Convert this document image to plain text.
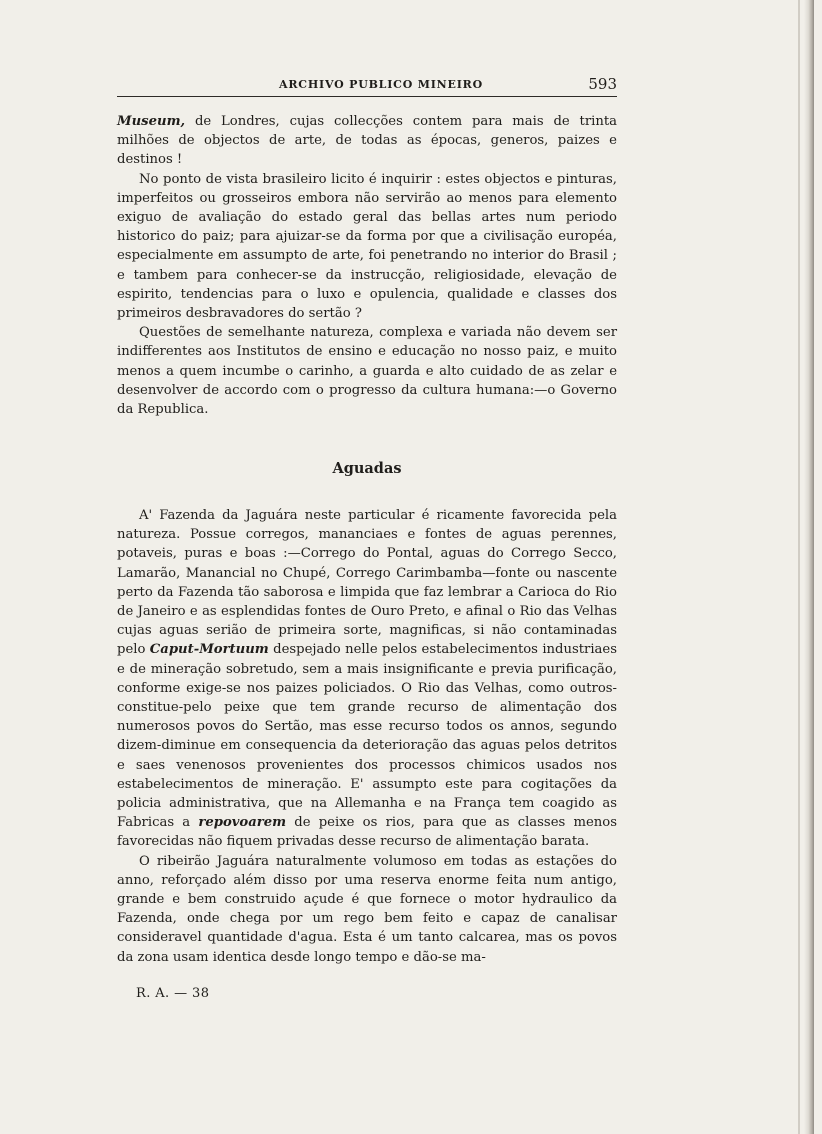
ARCHIVO PUBLICO MINEIRO	593

Museum, de Londres, cujas collecções contem para mais de trinta milhões de objectos de arte, de todas as épocas, generos, paizes e destinos !

No ponto de vista brasileiro licito é inquirir : estes objectos e pinturas, imperfeitos ou grosseiros embora não servirão ao menos para elemento exiguo de avaliação do estado geral das bellas artes num periodo historico do paiz; para ajuizar-se da forma por que a civilisação européa, especialmente em assumpto de arte, foi penetrando no interior do Brasil ; e tambem para conhecer-se da instrucção, religiosidade, elevação de espirito, tendencias para o luxo e opulencia, qualidade e classes dos primeiros desbravadores do sertão ?

Questões de semelhante natureza, complexa e variada não devem ser indifferentes aos Institutos de ensino e educação no nosso paiz, e muito menos a quem incumbe o carinho, a guarda e alto cuidado de as zelar e desenvolver de accordo com o progresso da cultura humana:—o Governo da Republica.

Aguadas

A' Fazenda da Jaguára neste particular é ricamente favorecida pela natureza. Possue corregos, mananciaes e fontes de aguas perennes, potaveis, puras e boas :—Corrego do Pontal, aguas do Corrego Secco, Lamarão, Manancial no Chupé, Corrego Carimbamba—fonte ou nascente perto da Fazenda tão saborosa e limpida que faz lembrar a Carioca do Rio de Janeiro e as esplendidas fontes de Ouro Preto, e afinal o Rio das Velhas cujas aguas serião de primeira sorte, magnificas, si não contaminadas pelo Caput-Mortuum despejado nelle pelos estabelecimentos industriaes e de mineração sobretudo, sem a mais insignificante e previa purificação, conforme exige-se nos paizes policiados. O Rio das Velhas, como outros-constitue-pelo peixe que tem grande recurso de alimentação dos numerosos povos do Sertão, mas esse recurso todos os annos, segundo dizem-diminue em consequencia da deterioração das aguas pelos detritos e saes venenosos provenientes dos processos chimicos usados nos estabelecimentos de mineração. E' assumpto este para cogitações da policia administrativa, que na Allemanha e na França tem coagido as Fabricas a repovoarem de peixe os rios, para que as classes menos favorecidas não fiquem privadas desse recurso de alimentação barata.

O ribeirão Jaguára naturalmente volumoso em todas as estações do anno, reforçado além disso por uma reserva enorme feita num antigo, grande e bem construido açude é que fornece o motor hydraulico da Fazenda, onde chega por um rego bem feito e capaz de canalisar consideravel quantidade d'agua. Esta é um tanto calcarea, mas os povos da zona usam identica desde longo tempo e dão-se ma-

R. A. — 38
